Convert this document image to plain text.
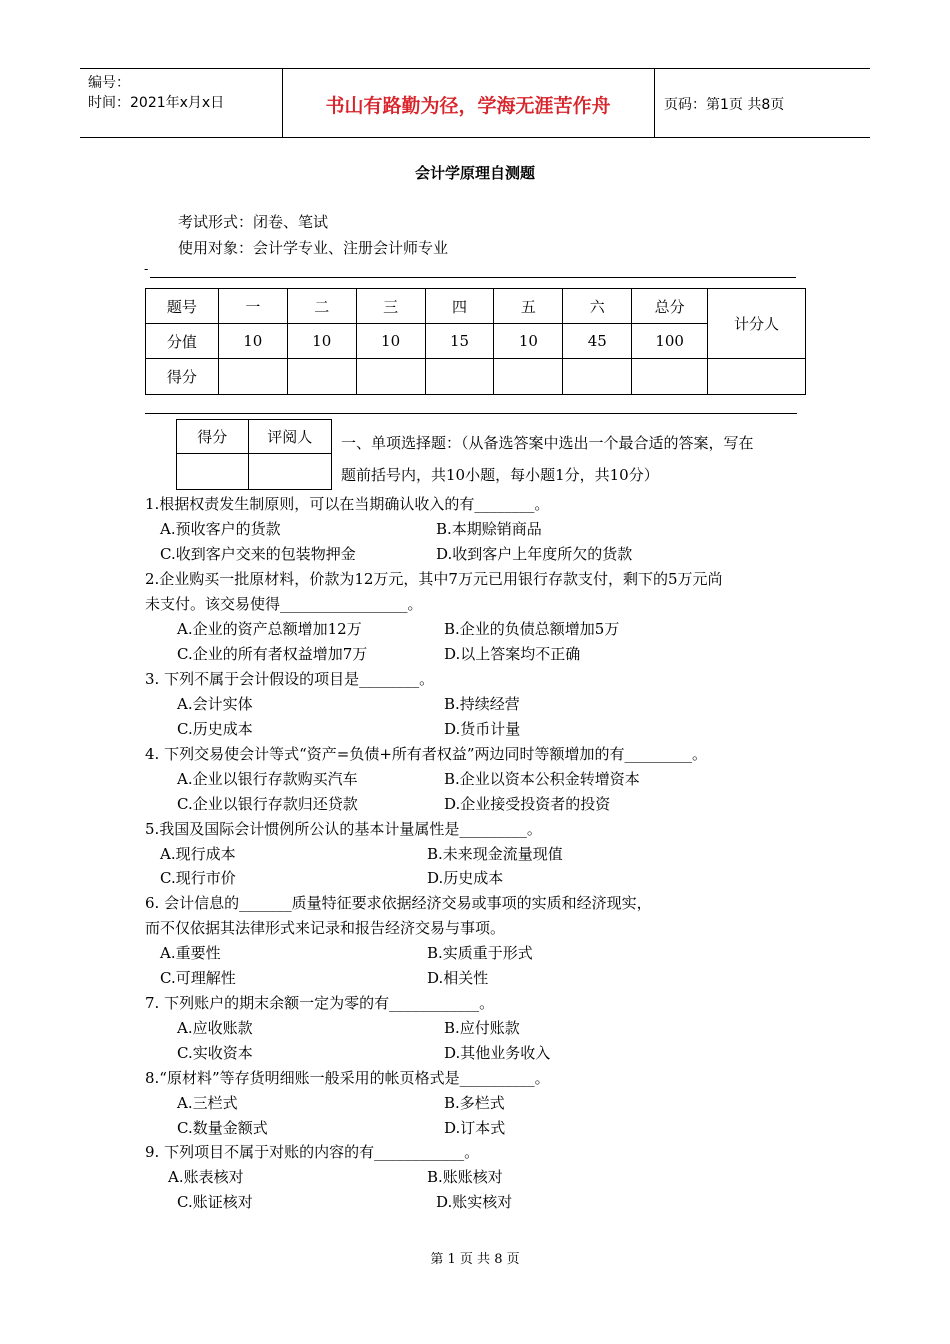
编号：
时间：2021年x月x日	书山有路勤为径，学海无涯苦作舟	页码：第1页 共8页
会计学原理自测题
考试形式：闭卷、笔试
使用对象：会计学专业、注册会计师专业
-
题号	一	二	三	四	五	六	总分	计分人
分值	10	10	10	15	10	45	100	
得分								
得分	评阅人
	一、单项选择题：（从备选答案中选出一个最合适的答案，写在
题前括号内，共10小题，每小题1分，共10分）
1.根据权责发生制原则，可以在当期确认收入的有________。
A.预收客户的货款	B.本期赊销商品
C.收到客户交来的包装物押金	D.收到客户上年度所欠的货款
2.企业购买一批原材料，价款为12万元，其中7万元已用银行存款支付，剩下的5万元尚
未支付。该交易使得_________________。
A.企业的资产总额增加12万	B.企业的负债总额增加5万
C.企业的所有者权益增加7万	D.以上答案均不正确
3. 下列不属于会计假设的项目是________。
A.会计实体	B.持续经营
C.历史成本	D.货币计量
4. 下列交易使会计等式“资产=负债+所有者权益”两边同时等额增加的有_________。
A.企业以银行存款购买汽车	B.企业以资本公积金转增资本
C.企业以银行存款归还贷款	D.企业接受投资者的投资
5.我国及国际会计惯例所公认的基本计量属性是_________。
A.现行成本	B.未来现金流量现值
C.现行市价	D.历史成本
6. 会计信息的_______质量特征要求依据经济交易或事项的实质和经济现实，
而不仅依据其法律形式来记录和报告经济交易与事项。
A.重要性	B.实质重于形式
C.可理解性	D.相关性
7. 下列账户的期末余额一定为零的有____________。
A.应收账款	B.应付账款
C.实收资本	D.其他业务收入
8.“原材料”等存货明细账一般采用的帐页格式是__________。
A.三栏式	B.多栏式
C.数量金额式	D.订本式
9. 下列项目不属于对账的内容的有____________。
A.账表核对	B.账账核对
C.账证核对	D.账实核对
第 1 页 共 8 页
